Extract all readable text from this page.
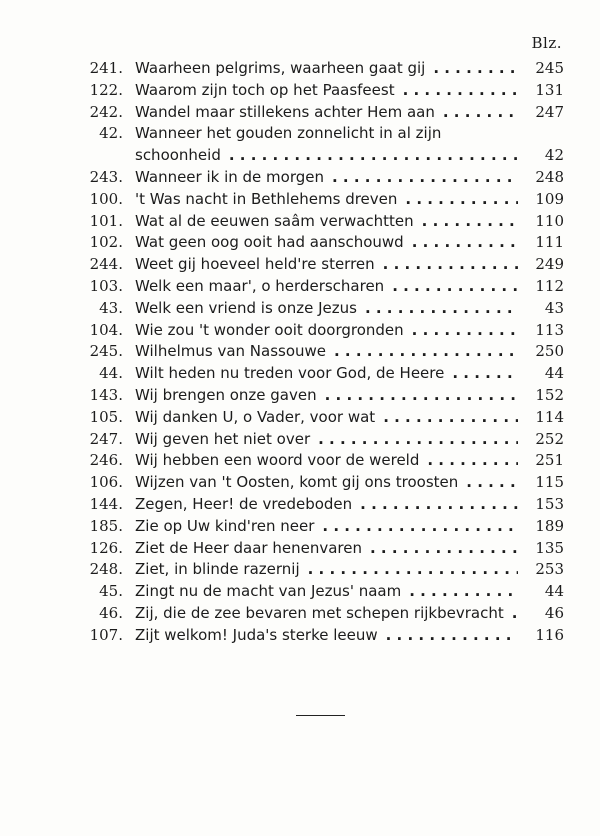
Blz.
241. Waarheen pelgrims, waarheen gaat gij . . .	245
122. Waarom zijn toch op het Paasfeest . . .	131
242. Wandel maar stillekens achter Hem aan . . .	247
42. Wanneer het gouden zonnelicht in al zijn
schoonheid . . .	42
243. Wanneer ik in de morgen . . .	248
100. 't Was nacht in Bethlehems dreven . . .	109
101. Wat al de eeuwen saâm verwachtten . . .	110
102. Wat geen oog ooit had aanschouwd . . .	111
244. Weet gij hoeveel held're sterren . . .	249
103. Welk een maar', o herderscharen . . .	112
43. Welk een vriend is onze Jezus . . .	43
104. Wie zou 't wonder ooit doorgronden . . .	113
245. Wilhelmus van Nassouwe . . .	250
44. Wilt heden nu treden voor God, de Heere . . .	44
143. Wij brengen onze gaven . . .	152
105. Wij danken U, o Vader, voor wat . . .	114
247. Wij geven het niet over . . .	252
246. Wij hebben een woord voor de wereld . . .	251
106. Wijzen van 't Oosten, komt gij ons troosten . . .	115
144. Zegen, Heer! de vredeboden . . .	153
185. Zie op Uw kind'ren neer . . .	189
126. Ziet de Heer daar henenvaren . . .	135
248. Ziet, in blinde razernij . . .	253
45. Zingt nu de macht van Jezus' naam . . .	44
46. Zij, die de zee bevaren met schepen rijkbevracht . . .	46
107. Zijt welkom! Juda's sterke leeuw . . .	116
